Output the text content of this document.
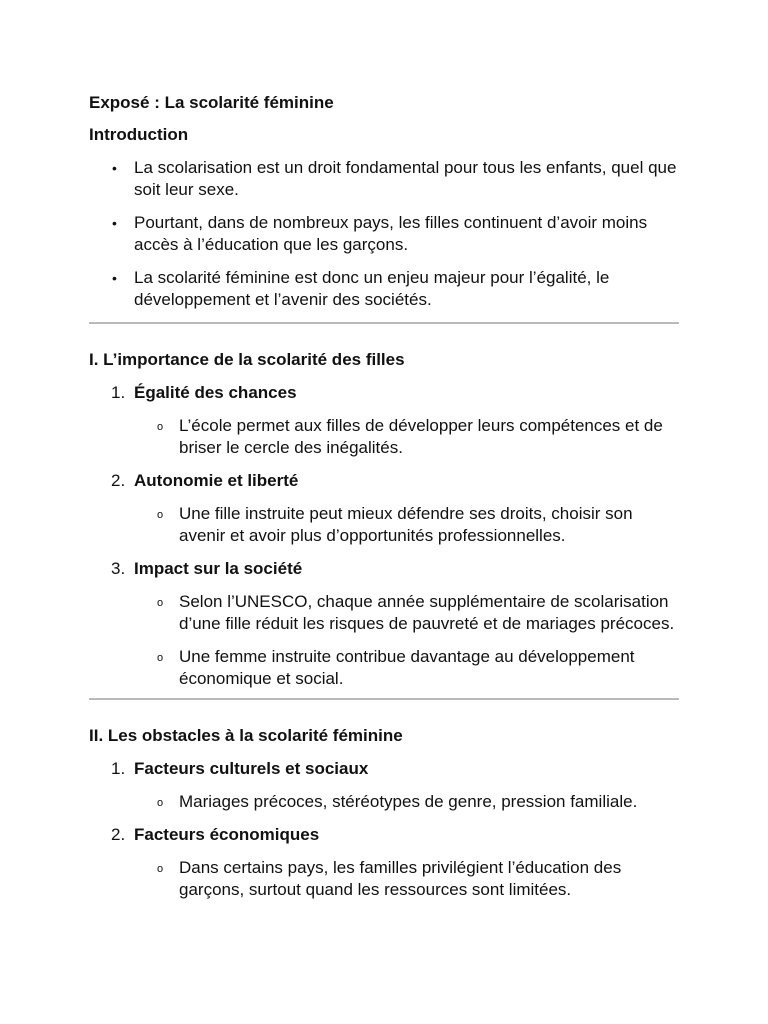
Exposé : La scolarité féminine
Introduction
• La scolarisation est un droit fondamental pour tous les enfants, quel que soit leur sexe.
• Pourtant, dans de nombreux pays, les filles continuent d’avoir moins accès à l’éducation que les garçons.
• La scolarité féminine est donc un enjeu majeur pour l’égalité, le développement et l’avenir des sociétés.
I. L’importance de la scolarité des filles
1. Égalité des chances
o L’école permet aux filles de développer leurs compétences et de briser le cercle des inégalités.
2. Autonomie et liberté
o Une fille instruite peut mieux défendre ses droits, choisir son avenir et avoir plus d’opportunités professionnelles.
3. Impact sur la société
o Selon l’UNESCO, chaque année supplémentaire de scolarisation d’une fille réduit les risques de pauvreté et de mariages précoces.
o Une femme instruite contribue davantage au développement économique et social.
II. Les obstacles à la scolarité féminine
1. Facteurs culturels et sociaux
o Mariages précoces, stéréotypes de genre, pression familiale.
2. Facteurs économiques
o Dans certains pays, les familles privilégient l’éducation des garçons, surtout quand les ressources sont limitées.
